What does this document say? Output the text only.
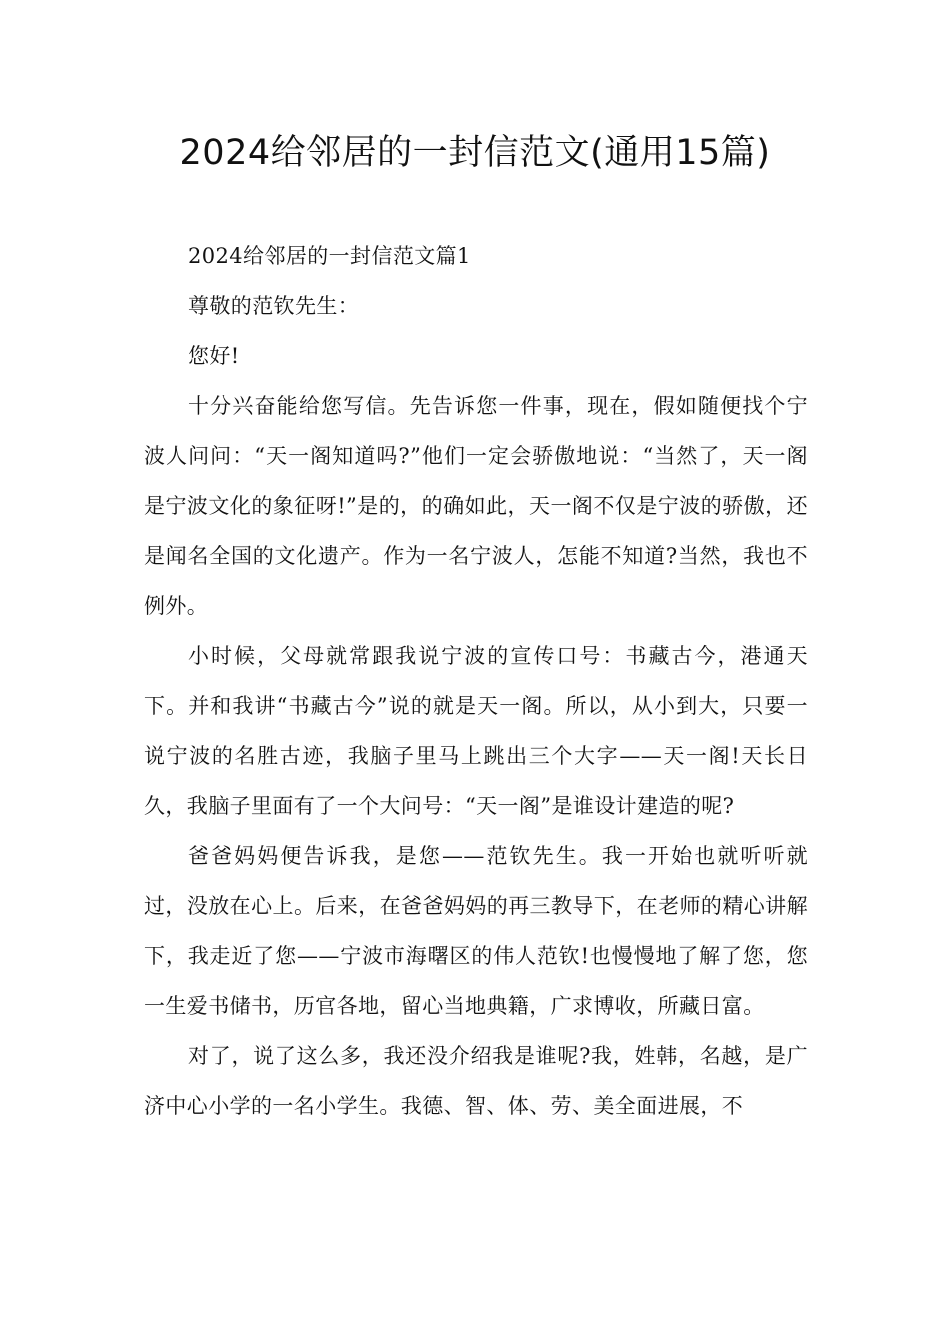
2024给邻居的一封信范文(通用15篇)

2024给邻居的一封信范文篇1

尊敬的范钦先生：

您好!

十分兴奋能给您写信。先告诉您一件事，现在，假如随便找个宁波人问问：“天一阁知道吗?”他们一定会骄傲地说：“当然了，天一阁是宁波文化的象征呀!”是的，的确如此，天一阁不仅是宁波的骄傲，还是闻名全国的文化遗产。作为一名宁波人，怎能不知道?当然，我也不例外。

小时候，父母就常跟我说宁波的宣传口号：书藏古今，港通天下。并和我讲“书藏古今”说的就是天一阁。所以，从小到大，只要一说宁波的名胜古迹，我脑子里马上跳出三个大字——天一阁!天长日久，我脑子里面有了一个大问号：“天一阁”是谁设计建造的呢?

爸爸妈妈便告诉我，是您——范钦先生。我一开始也就听听就过，没放在心上。后来，在爸爸妈妈的再三教导下，在老师的精心讲解下，我走近了您——宁波市海曙区的伟人范钦!也慢慢地了解了您，您一生爱书储书，历官各地，留心当地典籍，广求博收，所藏日富。

对了，说了这么多，我还没介绍我是谁呢?我，姓韩，名越，是广济中心小学的一名小学生。我德、智、体、劳、美全面进展，不
